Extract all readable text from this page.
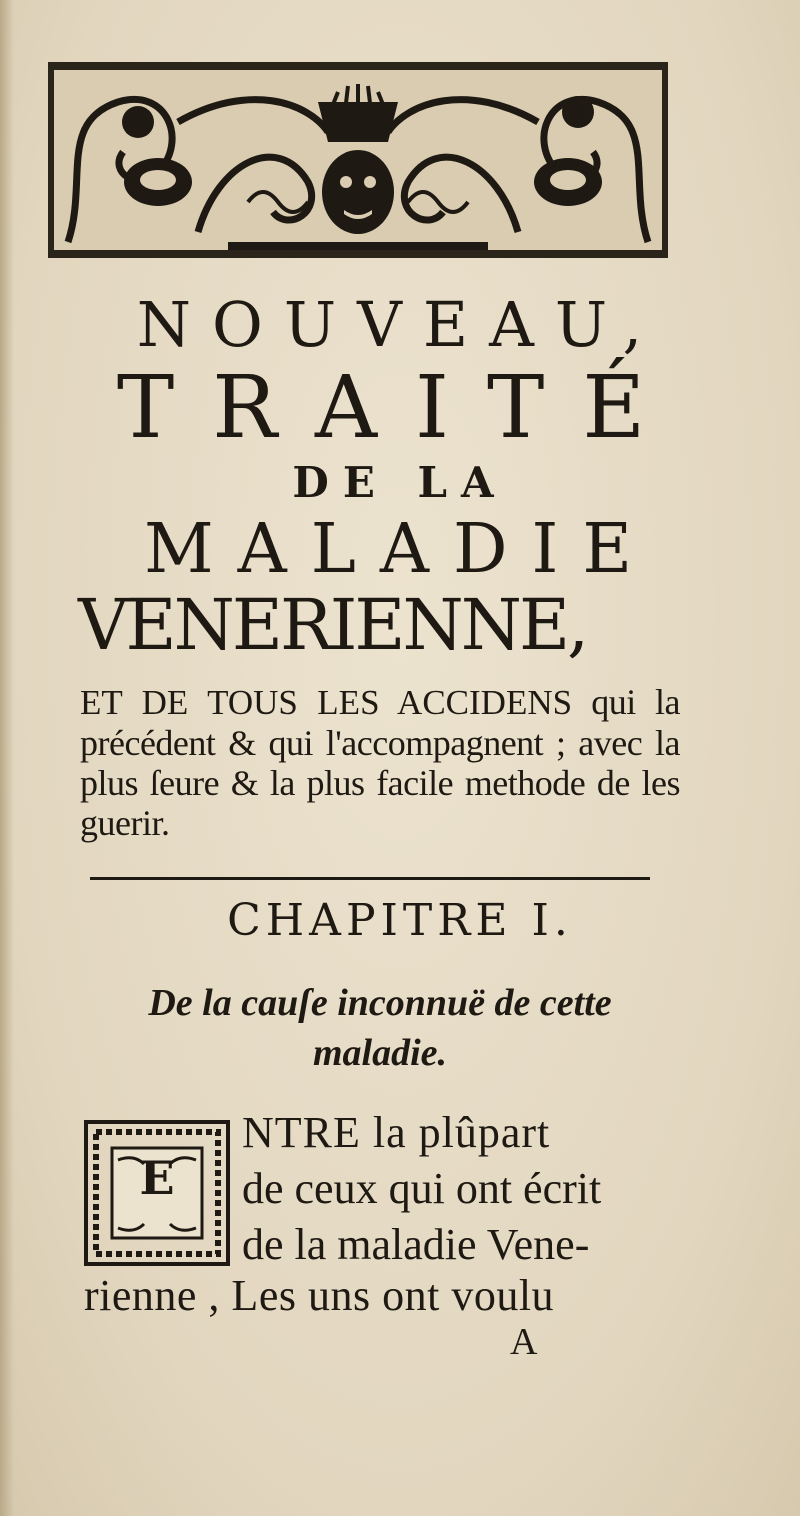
NOUVEAU,

TRAITÉ

DE LA

MALADIE

VENERIENNE,

ET DE TOUS LES ACCIDENS qui la précédent & qui l'accompagnent ; avec la plus ſeure & la plus facile methode de les guerir.

CHAPITRE I.

De la cauſe inconnuë de cette maladie.
E
NTRE la plûpart
de ceux qui ont écrit
de la maladie Vene-
rienne , Les uns ont voulu
A
